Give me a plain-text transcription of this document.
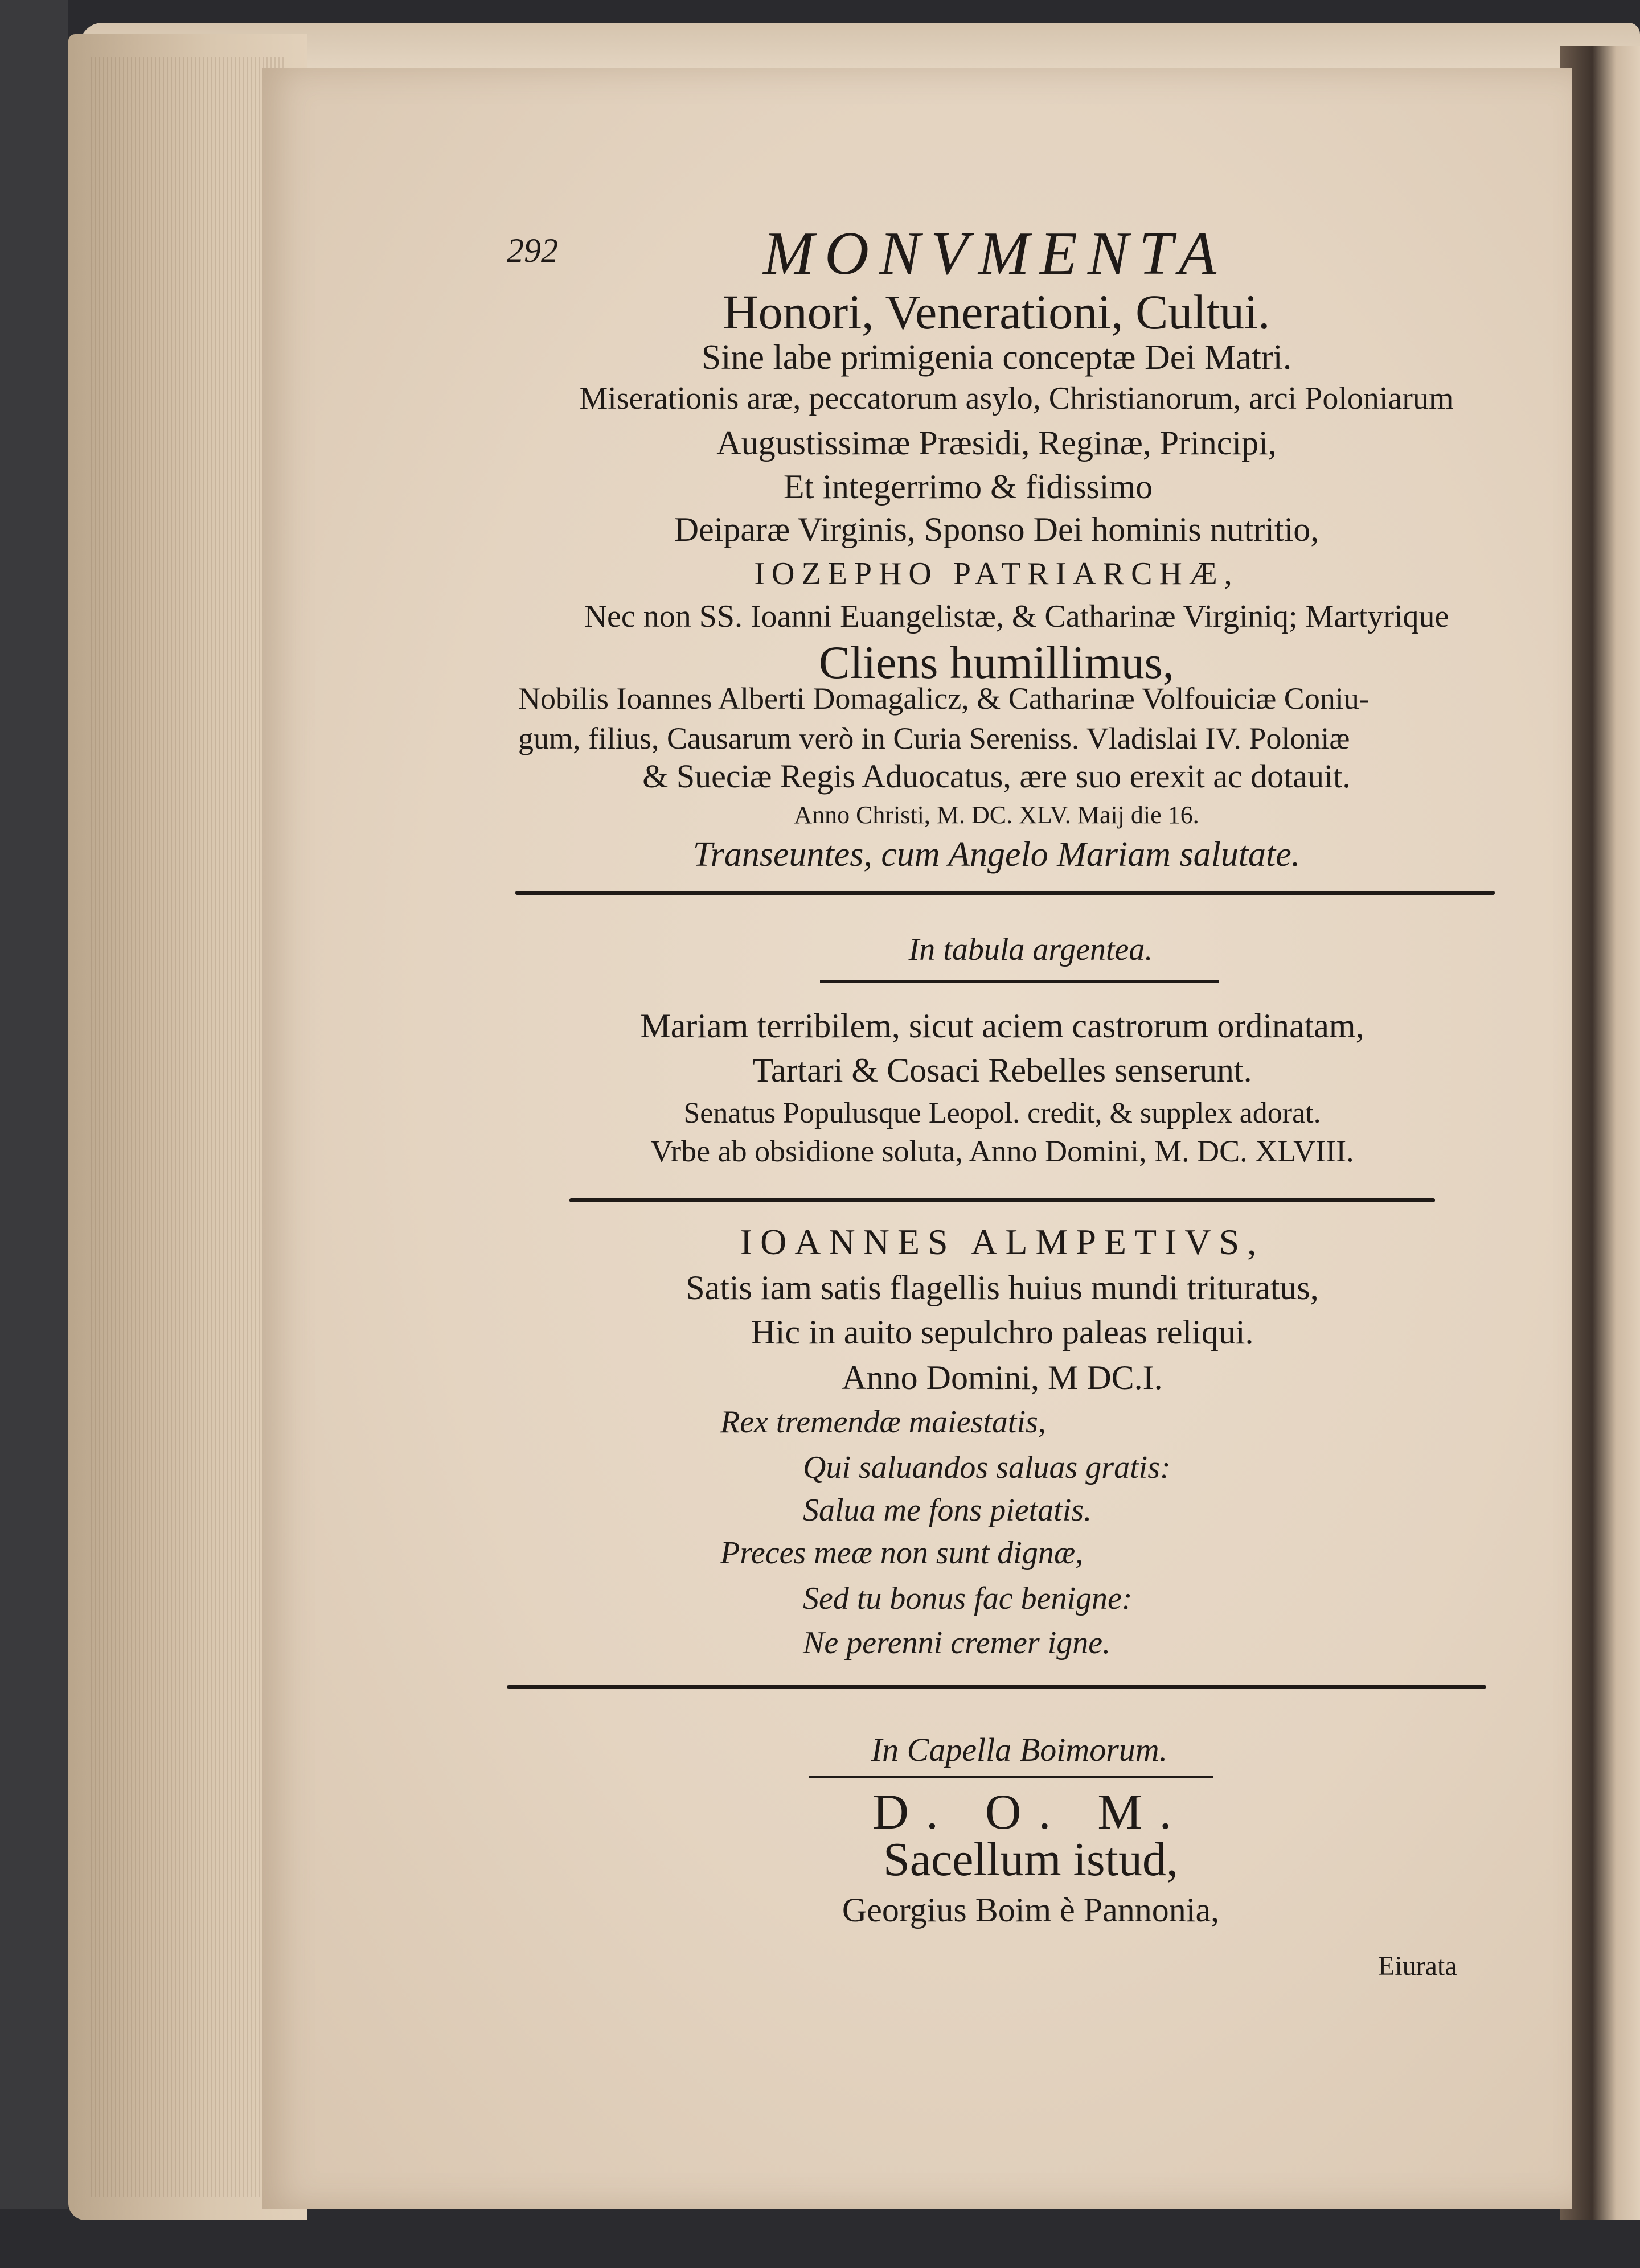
292	MONVMENTA
Honori, Venerationi, Cultui.
Sine labe primigenia conceptæ Dei Matri.
Miserationis aræ, peccatorum asylo, Christianorum, arci Poloniarum
Augustissimæ Præsidi, Reginæ, Principi,
Et integerrimo & fidissimo
Deiparæ Virginis, Sponso Dei hominis nutritio,
IOZEPHO PATRIARCHÆ,
Nec non SS. Ioanni Euangelistæ, & Catharinæ Virginiq; Martyrique
Cliens humillimus,
Nobilis Ioannes Alberti Domagalicz, & Catharinæ Volfouiciæ Coniu-
gum, filius, Causarum verò in Curia Sereniss. Vladislai IV. Poloniæ
& Sueciæ Regis Aduocatus, ære suo erexit ac dotauit.
Anno Christi, M. DC. XLV. Maij die 16.
Transeuntes, cum Angelo Mariam salutate.
In tabula argentea.
Mariam terribilem, sicut aciem castrorum ordinatam,
Tartari & Cosaci Rebelles senserunt.
Senatus Populusque Leopol. credit, & supplex adorat.
Vrbe ab obsidione soluta, Anno Domini, M. DC. XLVIII.
IOANNES ALMPETIVS,
Satis iam satis flagellis huius mundi trituratus,
Hic in auito sepulchro paleas reliqui.
Anno Domini, M DC.I.
Rex tremendæ maiestatis,
Qui saluandos saluas gratis:
Salua me fons pietatis.
Preces meæ non sunt dignæ,
Sed tu bonus fac benigne:
Ne perenni cremer igne.
In Capella Boimorum.
D. O. M.
Sacellum istud,
Georgius Boim è Pannonia,
Eiurata
